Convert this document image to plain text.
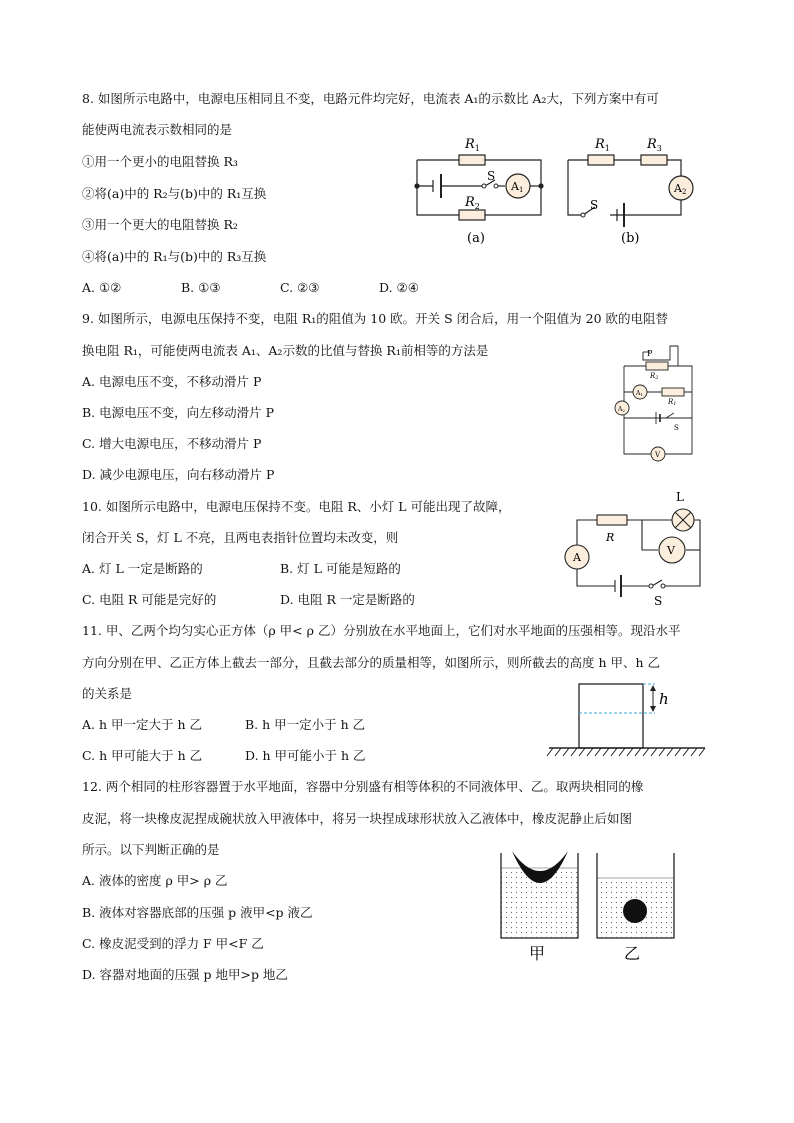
8. 如图所示电路中，电源电压相同且不变，电路元件均完好，电流表 A₁的示数比 A₂大，下列方案中有可
能使两电流表示数相同的是
①用一个更小的电阻替换 R₃
②将(a)中的 R₂与(b)中的 R₁互换
③用一个更大的电阻替换 R₂
④将(a)中的 R₁与(b)中的 R₃互换
A. ①②	B. ①③	C. ②③	D. ②④
$R_1$
$R_2$
$R_1$	$R_3$
S
S
A1	A2
(a)	(b)
9. 如图所示，电源电压保持不变，电阻 R₁的阻值为 10 欧。开关 S 闭合后，用一个阻值为 20 欧的电阻替
换电阻 R₁，可能使两电流表 A₁、A₂示数的比值与替换 R₁前相等的方法是
A. 电源电压不变，不移动滑片 P
B. 电源电压不变，向左移动滑片 P
C. 增大电源电压，不移动滑片 P
D. 减少电源电压，向右移动滑片 P
P
R2
R1
A1
A2
S
V
10. 如图所示电路中，电源电压保持不变。电阻 R、小灯 L 可能出现了故障，
闭合开关 S，灯 L 不亮，且两电表指针位置均未改变，则
A. 灯 L 一定是断路的	B. 灯 L 可能是短路的
C. 电阻 R 可能是完好的	D. 电阻 R 一定是断路的
L
R
A
V
S
11. 甲、乙两个均匀实心正方体（ρ 甲< ρ 乙）分别放在水平地面上，它们对水平地面的压强相等。现沿水平
方向分别在甲、乙正方体上截去一部分，且截去部分的质量相等，如图所示，则所截去的高度 h 甲、h 乙
的关系是
A. h 甲一定大于 h 乙	B. h 甲一定小于 h 乙
C. h 甲可能大于 h 乙	D. h 甲可能小于 h 乙
h
12. 两个相同的柱形容器置于水平地面，容器中分别盛有相等体积的不同液体甲、乙。取两块相同的橡
皮泥，将一块橡皮泥捏成碗状放入甲液体中，将另一块捏成球形状放入乙液体中，橡皮泥静止后如图
所示。以下判断正确的是
A. 液体的密度 ρ 甲> ρ 乙
B. 液体对容器底部的压强 p 液甲<p 液乙
C. 橡皮泥受到的浮力 F 甲<F 乙
D. 容器对地面的压强 p 地甲>p 地乙
甲	乙
